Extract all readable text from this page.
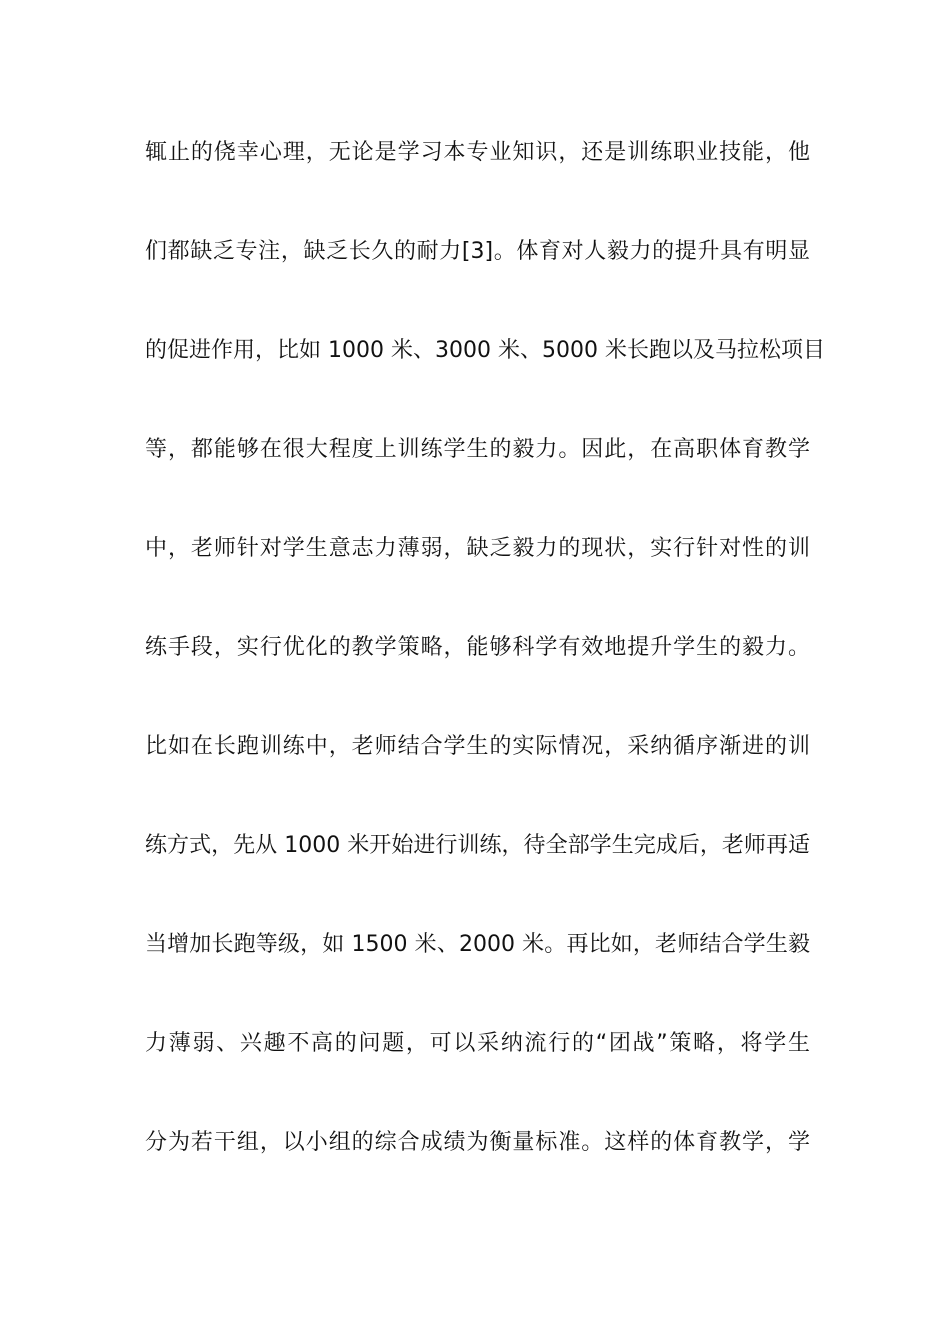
辄止的侥幸心理，无论是学习本专业知识，还是训练职业技能，他
们都缺乏专注，缺乏长久的耐力[3]。体育对人毅力的提升具有明显
的促进作用，比如 1000 米、3000 米、5000 米长跑以及马拉松项目
等，都能够在很大程度上训练学生的毅力。因此，在高职体育教学
中，老师针对学生意志力薄弱，缺乏毅力的现状，实行针对性的训
练手段，实行优化的教学策略，能够科学有效地提升学生的毅力。
比如在长跑训练中，老师结合学生的实际情况，采纳循序渐进的训
练方式，先从 1000 米开始进行训练，待全部学生完成后，老师再适
当增加长跑等级，如 1500 米、2000 米。再比如，老师结合学生毅
力薄弱、兴趣不高的问题，可以采纳流行的“团战”策略，将学生
分为若干组，以小组的综合成绩为衡量标准。这样的体育教学，学
